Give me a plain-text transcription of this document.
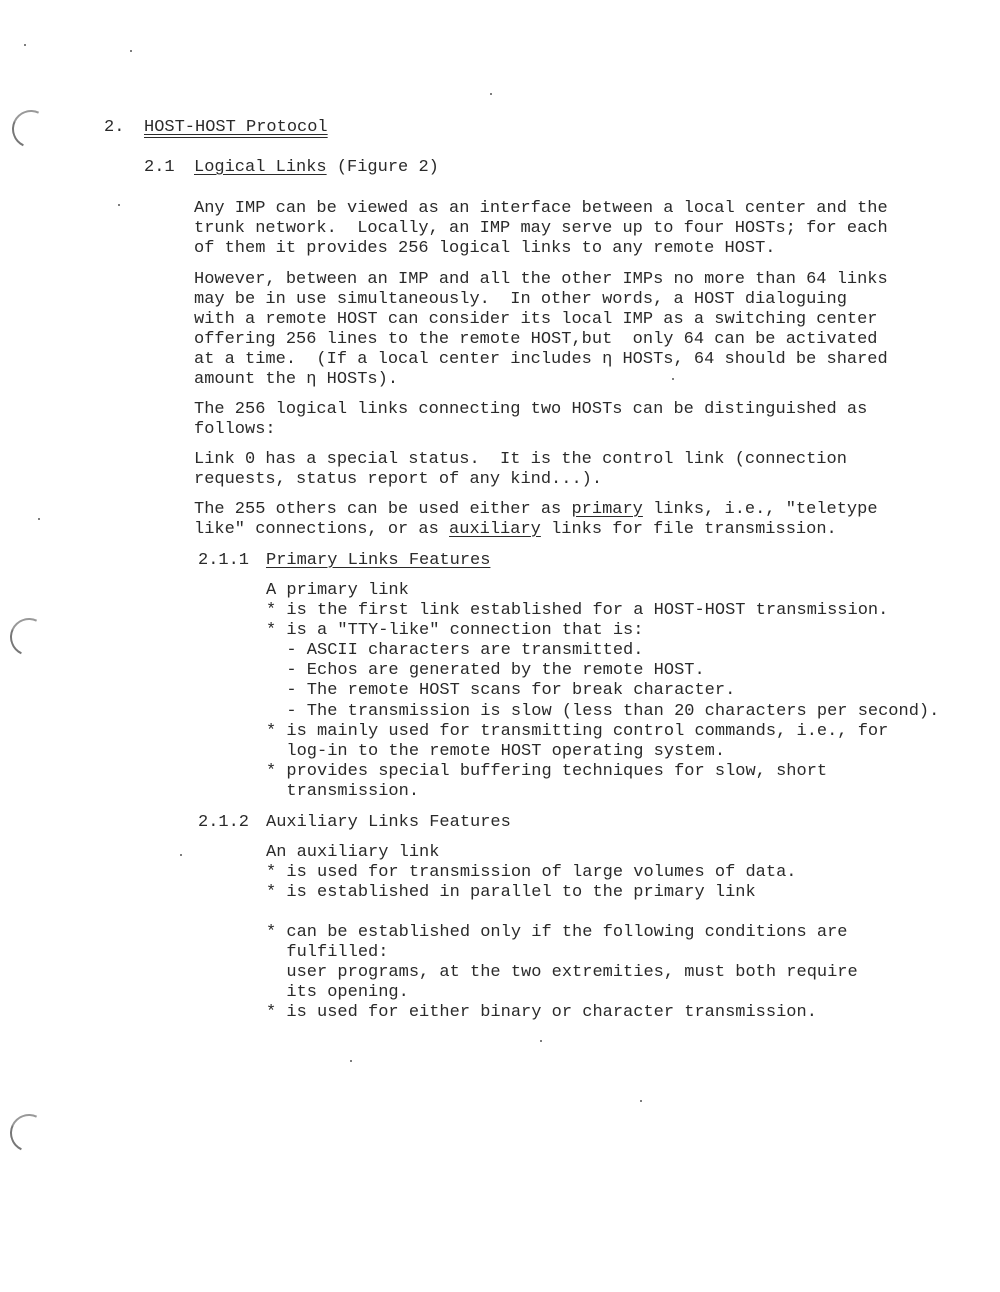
2. HOST-HOST Protocol
2.1 Logical Links (Figure 2)
Any IMP can be viewed as an interface between a local center and the
trunk network.  Locally, an IMP may serve up to four HOSTs; for each
of them it provides 256 logical links to any remote HOST.
However, between an IMP and all the other IMPs no more than 64 links
may be in use simultaneously.  In other words, a HOST dialoguing
with a remote HOST can consider its local IMP as a switching center
offering 256 lines to the remote HOST,but  only 64 can be activated
at a time.  (If a local center includes η HOSTs, 64 should be shared
amount the η HOSTs).
The 256 logical links connecting two HOSTs can be distinguished as
follows:
Link 0 has a special status.  It is the control link (connection
requests, status report of any kind...).
The 255 others can be used either as primary links, i.e., "teletype
like" connections, or as auxiliary links for file transmission.
2.1.1 Primary Links Features
A primary link
* is the first link established for a HOST-HOST transmission.
* is a "TTY-like" connection that is:
- ASCII characters are transmitted.
- Echos are generated by the remote HOST.
- The remote HOST scans for break character.
- The transmission is slow (less than 20 characters per second).
* is mainly used for transmitting control commands, i.e., for
log-in to the remote HOST operating system.
* provides special buffering techniques for slow, short
transmission.
2.1.2 Auxiliary Links Features
An auxiliary link
* is used for transmission of large volumes of data.
* is established in parallel to the primary link
* can be established only if the following conditions are
fulfilled:
user programs, at the two extremities, must both require
its opening.
* is used for either binary or character transmission.
